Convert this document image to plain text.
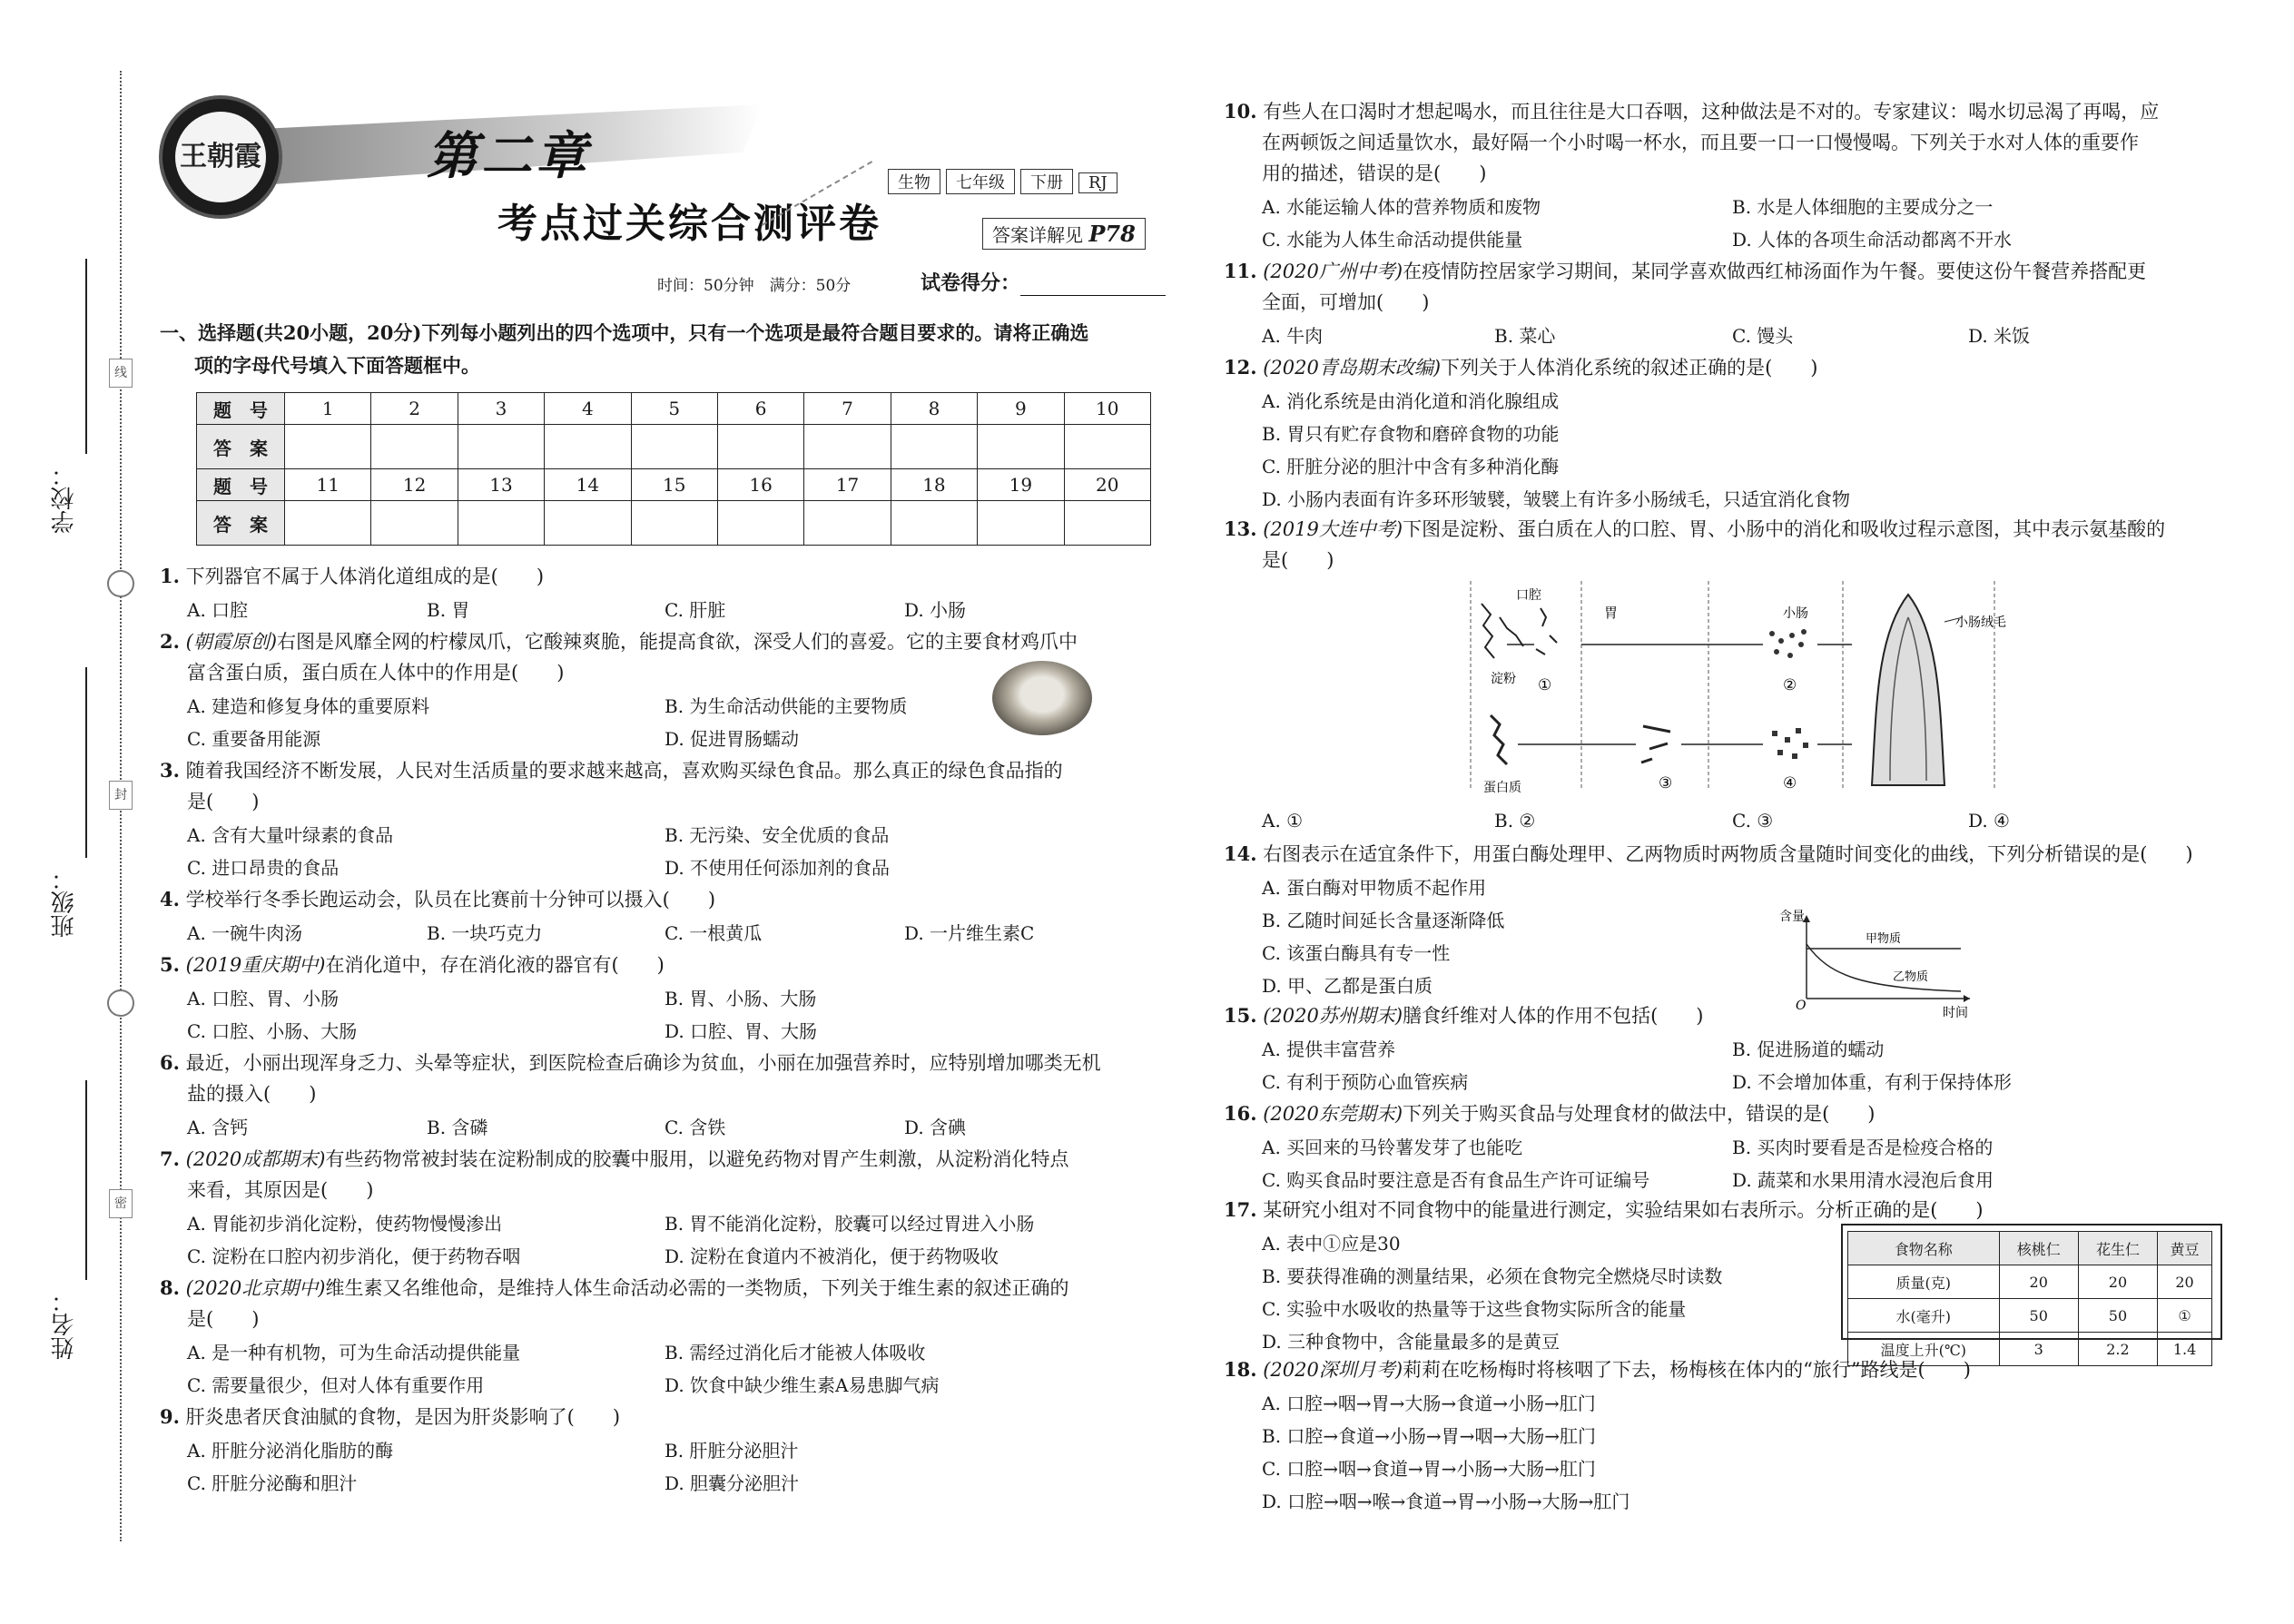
线
封
密
学校：
班级：
姓名：
王朝霞	第二章
考点过关综合测评卷
生物 七年级 下册 RJ
答案详解见 P78
时间：50分钟　满分：50分	试卷得分：
一、选择题(共20小题，20分)下列每小题列出的四个选项中，只有一个选项是最符合题目要求的。请将正确选
项的字母代号填入下面答题框中。
题　号	1	2	3	4	5	6	7	8	9	10
答　案										
题　号	11	12	13	14	15	16	17	18	19	20
答　案										
1. 下列器官不属于人体消化道组成的是(　　)
A. 口腔	B. 胃	C. 肝脏	D. 小肠
2. (朝霞原创)右图是风靡全网的柠檬凤爪，它酸辣爽脆，能提高食欲，深受人们的喜爱。它的主要食材鸡爪中
富含蛋白质，蛋白质在人体中的作用是(　　)
A. 建造和修复身体的重要原料	B. 为生命活动供能的主要物质
C. 重要备用能源	D. 促进胃肠蠕动
3. 随着我国经济不断发展，人民对生活质量的要求越来越高，喜欢购买绿色食品。那么真正的绿色食品指的
是(　　)
A. 含有大量叶绿素的食品	B. 无污染、安全优质的食品
C. 进口昂贵的食品	D. 不使用任何添加剂的食品
4. 学校举行冬季长跑运动会，队员在比赛前十分钟可以摄入(　　)
A. 一碗牛肉汤	B. 一块巧克力	C. 一根黄瓜	D. 一片维生素C
5. (2019重庆期中)在消化道中，存在消化液的器官有(　　)
A. 口腔、胃、小肠	B. 胃、小肠、大肠
C. 口腔、小肠、大肠	D. 口腔、胃、大肠
6. 最近，小丽出现浑身乏力、头晕等症状，到医院检查后确诊为贫血，小丽在加强营养时，应特别增加哪类无机
盐的摄入(　　)
A. 含钙	B. 含磷	C. 含铁	D. 含碘
7. (2020成都期末)有些药物常被封装在淀粉制成的胶囊中服用，以避免药物对胃产生刺激，从淀粉消化特点
来看，其原因是(　　)
A. 胃能初步消化淀粉，使药物慢慢渗出	B. 胃不能消化淀粉，胶囊可以经过胃进入小肠
C. 淀粉在口腔内初步消化，便于药物吞咽	D. 淀粉在食道内不被消化，便于药物吸收
8. (2020北京期中)维生素又名维他命，是维持人体生命活动必需的一类物质，下列关于维生素的叙述正确的
是(　　)
A. 是一种有机物，可为生命活动提供能量	B. 需经过消化后才能被人体吸收
C. 需要量很少，但对人体有重要作用	D. 饮食中缺少维生素A易患脚气病
9. 肝炎患者厌食油腻的食物，是因为肝炎影响了(　　)
A. 肝脏分泌消化脂肪的酶	B. 肝脏分泌胆汁
C. 肝脏分泌酶和胆汁	D. 胆囊分泌胆汁
10. 有些人在口渴时才想起喝水，而且往往是大口吞咽，这种做法是不对的。专家建议：喝水切忌渴了再喝，应
在两顿饭之间适量饮水，最好隔一个小时喝一杯水，而且要一口一口慢慢喝。下列关于水对人体的重要作
用的描述，错误的是(　　)
A. 水能运输人体的营养物质和废物	B. 水是人体细胞的主要成分之一
C. 水能为人体生命活动提供能量	D. 人体的各项生命活动都离不开水
11. (2020广州中考)在疫情防控居家学习期间，某同学喜欢做西红柿汤面作为午餐。要使这份午餐营养搭配更
全面，可增加(　　)
A. 牛肉	B. 菜心	C. 馒头	D. 米饭
12. (2020青岛期末改编)下列关于人体消化系统的叙述正确的是(　　)
A. 消化系统是由消化道和消化腺组成
B. 胃只有贮存食物和磨碎食物的功能
C. 肝脏分泌的胆汁中含有多种消化酶
D. 小肠内表面有许多环形皱襞，皱襞上有许多小肠绒毛，只适宜消化食物
13. (2019大连中考)下图是淀粉、蛋白质在人的口腔、胃、小肠中的消化和吸收过程示意图，其中表示氨基酸的
是(　　)
口腔
胃	小肠
小肠绒毛
淀粉
蛋白质
①	②
③	④
A. ①	B. ②	C. ③	D. ④
14. 右图表示在适宜条件下，用蛋白酶处理甲、乙两物质时两物质含量随时间变化的曲线，下列分析错误的是(　　)
A. 蛋白酶对甲物质不起作用
B. 乙随时间延长含量逐渐降低
C. 该蛋白酶具有专一性
D. 甲、乙都是蛋白质
含量
时间
O
甲物质
乙物质
15. (2020苏州期末)膳食纤维对人体的作用不包括(　　)
A. 提供丰富营养	B. 促进肠道的蠕动
C. 有利于预防心血管疾病	D. 不会增加体重，有利于保持体形
16. (2020东莞期末)下列关于购买食品与处理食材的做法中，错误的是(　　)
A. 买回来的马铃薯发芽了也能吃	B. 买肉时要看是否是检疫合格的
C. 购买食品时要注意是否有食品生产许可证编号	D. 蔬菜和水果用清水浸泡后食用
17. 某研究小组对不同食物中的能量进行测定，实验结果如右表所示。分析正确的是(　　)
A. 表中①应是30
B. 要获得准确的测量结果，必须在食物完全燃烧尽时读数
C. 实验中水吸收的热量等于这些食物实际所含的能量
D. 三种食物中，含能量最多的是黄豆
食物名称	核桃仁	花生仁	黄豆
质量(克)	20	20	20
水(毫升)	50	50	①
温度上升(℃)	3	2.2	1.4
18. (2020深圳月考)莉莉在吃杨梅时将核咽了下去，杨梅核在体内的“旅行”路线是(　　)
A. 口腔→咽→胃→大肠→食道→小肠→肛门
B. 口腔→食道→小肠→胃→咽→大肠→肛门
C. 口腔→咽→食道→胃→小肠→大肠→肛门
D. 口腔→咽→喉→食道→胃→小肠→大肠→肛门
